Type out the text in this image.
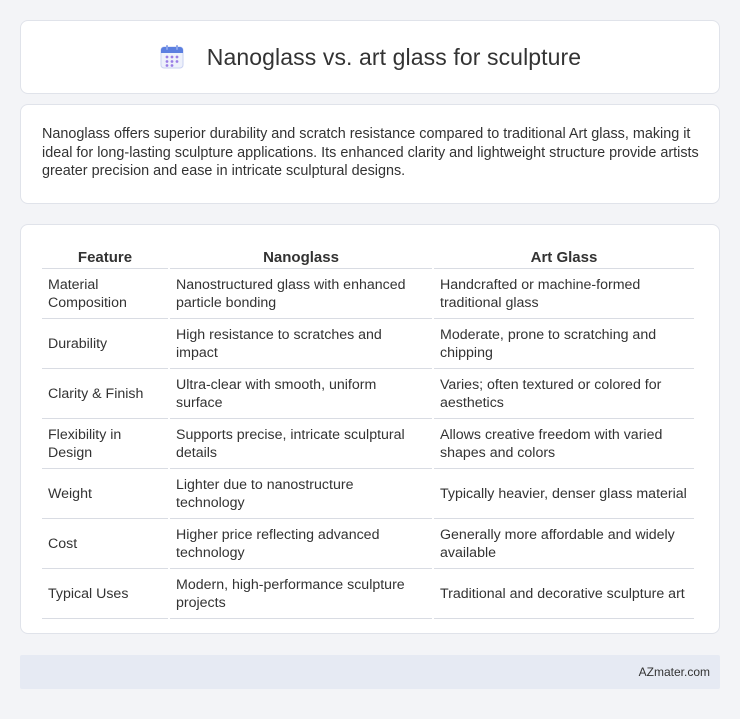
Nanoglass vs. art glass for sculpture

Nanoglass offers superior durability and scratch resistance compared to traditional Art glass, making it ideal for long-lasting sculpture applications. Its enhanced clarity and lightweight structure provide artists greater precision and ease in intricate sculptural designs.

Feature	Nanoglass	Art Glass
Material Composition	Nanostructured glass with enhanced particle bonding	Handcrafted or machine-formed traditional glass
Durability	High resistance to scratches and impact	Moderate, prone to scratching and chipping
Clarity & Finish	Ultra-clear with smooth, uniform surface	Varies; often textured or colored for aesthetics
Flexibility in Design	Supports precise, intricate sculptural details	Allows creative freedom with varied shapes and colors
Weight	Lighter due to nanostructure technology	Typically heavier, denser glass material
Cost	Higher price reflecting advanced technology	Generally more affordable and widely available
Typical Uses	Modern, high-performance sculpture projects	Traditional and decorative sculpture art
AZmater.com
